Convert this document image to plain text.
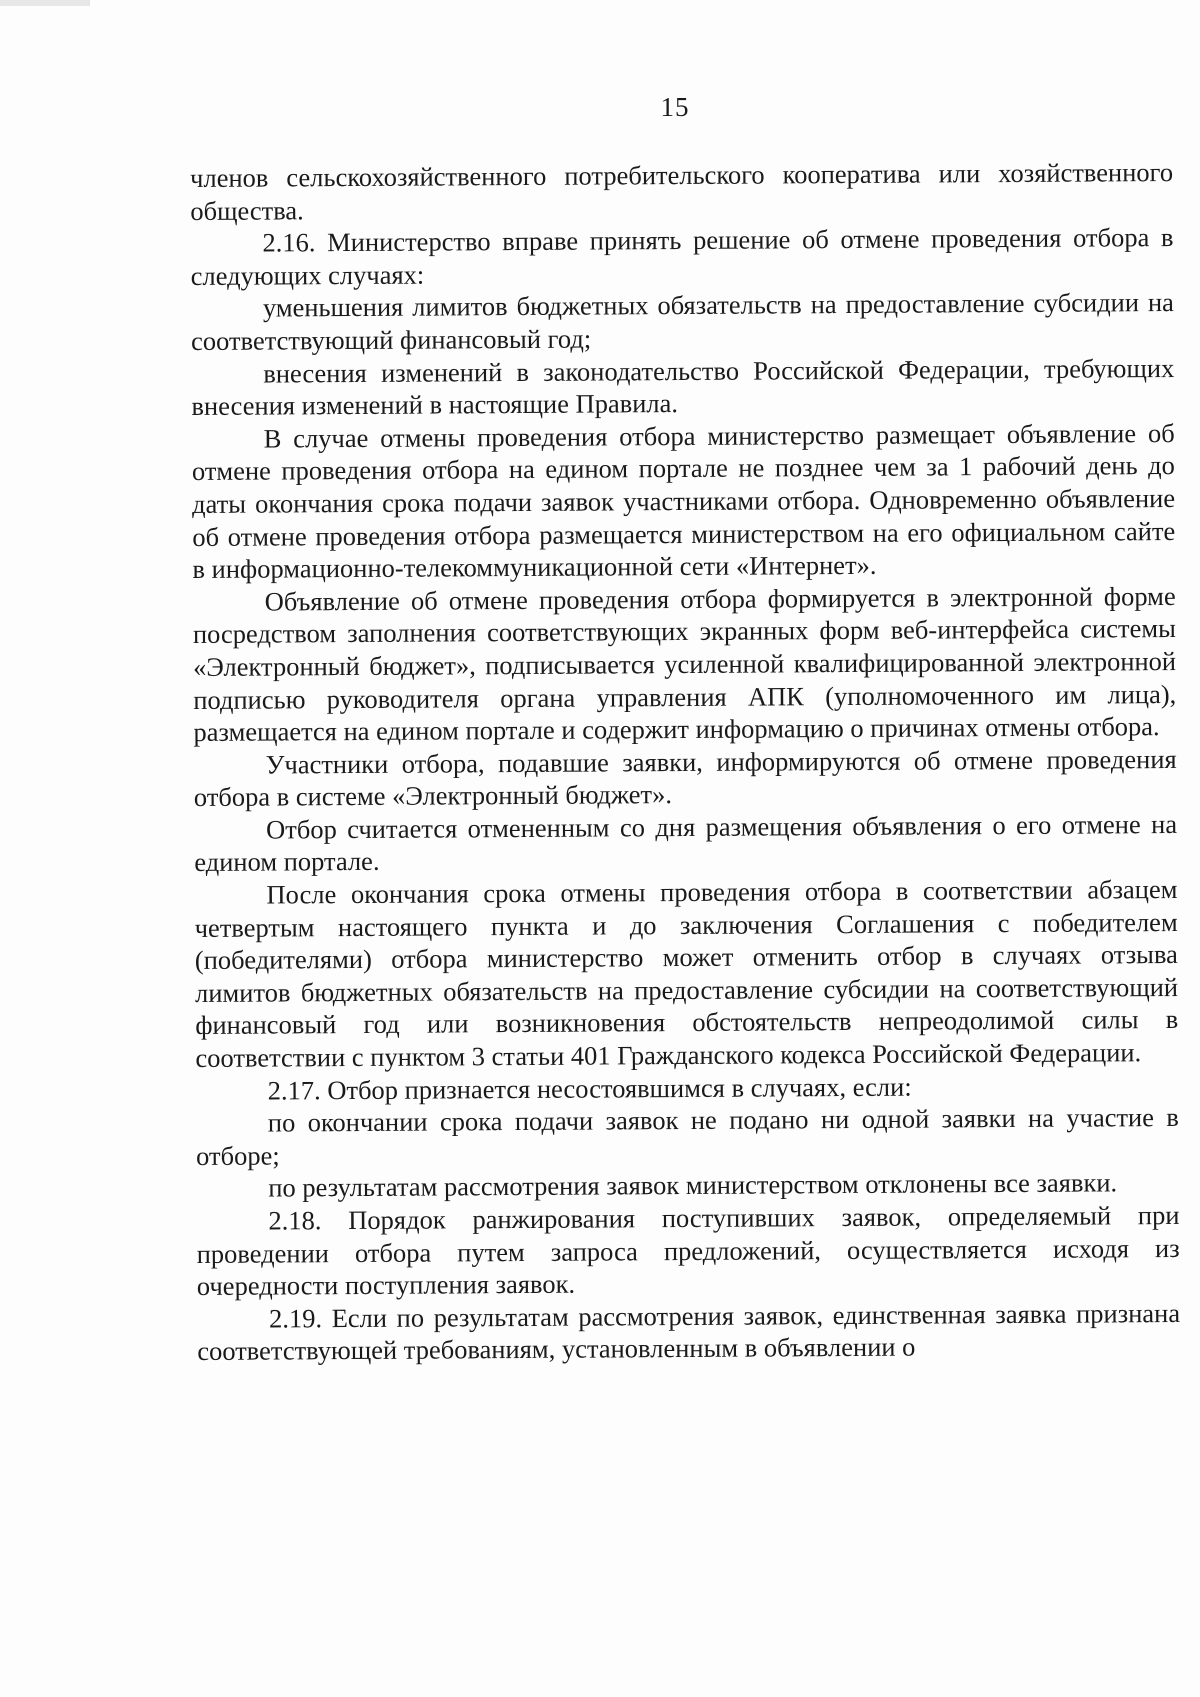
15

членов сельскохозяйственного потребительского кооператива или хозяйственного общества.

2.16. Министерство вправе принять решение об отмене проведения отбора в следующих случаях:

уменьшения лимитов бюджетных обязательств на предоставление субсидии на соответствующий финансовый год;

внесения изменений в законодательство Российской Федерации, требующих внесения изменений в настоящие Правила.

В случае отмены проведения отбора министерство размещает объявление об отмене проведения отбора на едином портале не позднее чем за 1 рабочий день до даты окончания срока подачи заявок участниками отбора. Одновременно объявление об отмене проведения отбора размещается министерством на его официальном сайте в информационно-телекоммуникационной сети «Интернет».

Объявление об отмене проведения отбора формируется в электронной форме посредством заполнения соответствующих экранных форм веб-интерфейса системы «Электронный бюджет», подписывается усиленной квалифицированной электронной подписью руководителя органа управления АПК (уполномоченного им лица), размещается на едином портале и содержит информацию о причинах отмены отбора.

Участники отбора, подавшие заявки, информируются об отмене проведения отбора в системе «Электронный бюджет».

Отбор считается отмененным со дня размещения объявления о его отмене на едином портале.

После окончания срока отмены проведения отбора в соответствии абзацем четвертым настоящего пункта и до заключения Соглашения с победителем (победителями) отбора министерство может отменить отбор в случаях отзыва лимитов бюджетных обязательств на предоставление субсидии на соответствующий финансовый год или возникновения обстоятельств непреодолимой силы в соответствии с пунктом 3 статьи 401 Гражданского кодекса Российской Федерации.

2.17. Отбор признается несостоявшимся в случаях, если:

по окончании срока подачи заявок не подано ни одной заявки на участие в отборе;

по результатам рассмотрения заявок министерством отклонены все заявки.

2.18. Порядок ранжирования поступивших заявок, определяемый при проведении отбора путем запроса предложений, осуществляется исходя из очередности поступления заявок.

2.19. Если по результатам рассмотрения заявок, единственная заявка признана соответствующей требованиям, установленным в объявлении о
